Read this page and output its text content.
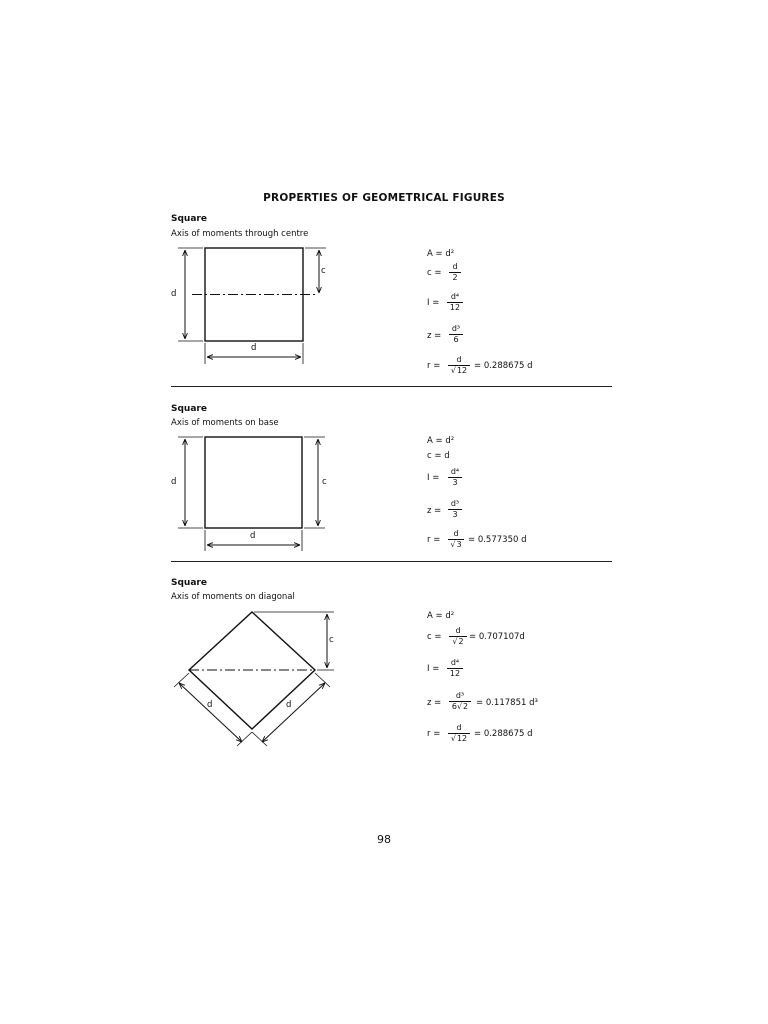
PROPERTIES OF GEOMETRICAL FIGURES
Square
Axis of moments through centre
d
c
d
A = d²
$c = \frac{d}{2}$
$I = \frac{\text{d⁴}}{12}$
$z = \frac{\text{d³}}{6}$
$r = \frac{d}{√12} = 0.288675$ d
Square
Axis of moments on base
d	c
d
A = d²
c = d
$I = \frac{\text{d⁴}}{3}$
$z = \frac{\text{d³}}{3}$
$r = \frac{d}{√3} = 0.577350$ d
Square
Axis of moments on diagonal
c
d	d
A = d²
$c = \frac{d}{√2} = 0.707107d$
$I = \frac{\text{d⁴}}{12}$
$z = \frac{\text{d³}}{6√2} = 0.117851$ d³
$r = \frac{d}{√12} = 0.288675$ d
98
